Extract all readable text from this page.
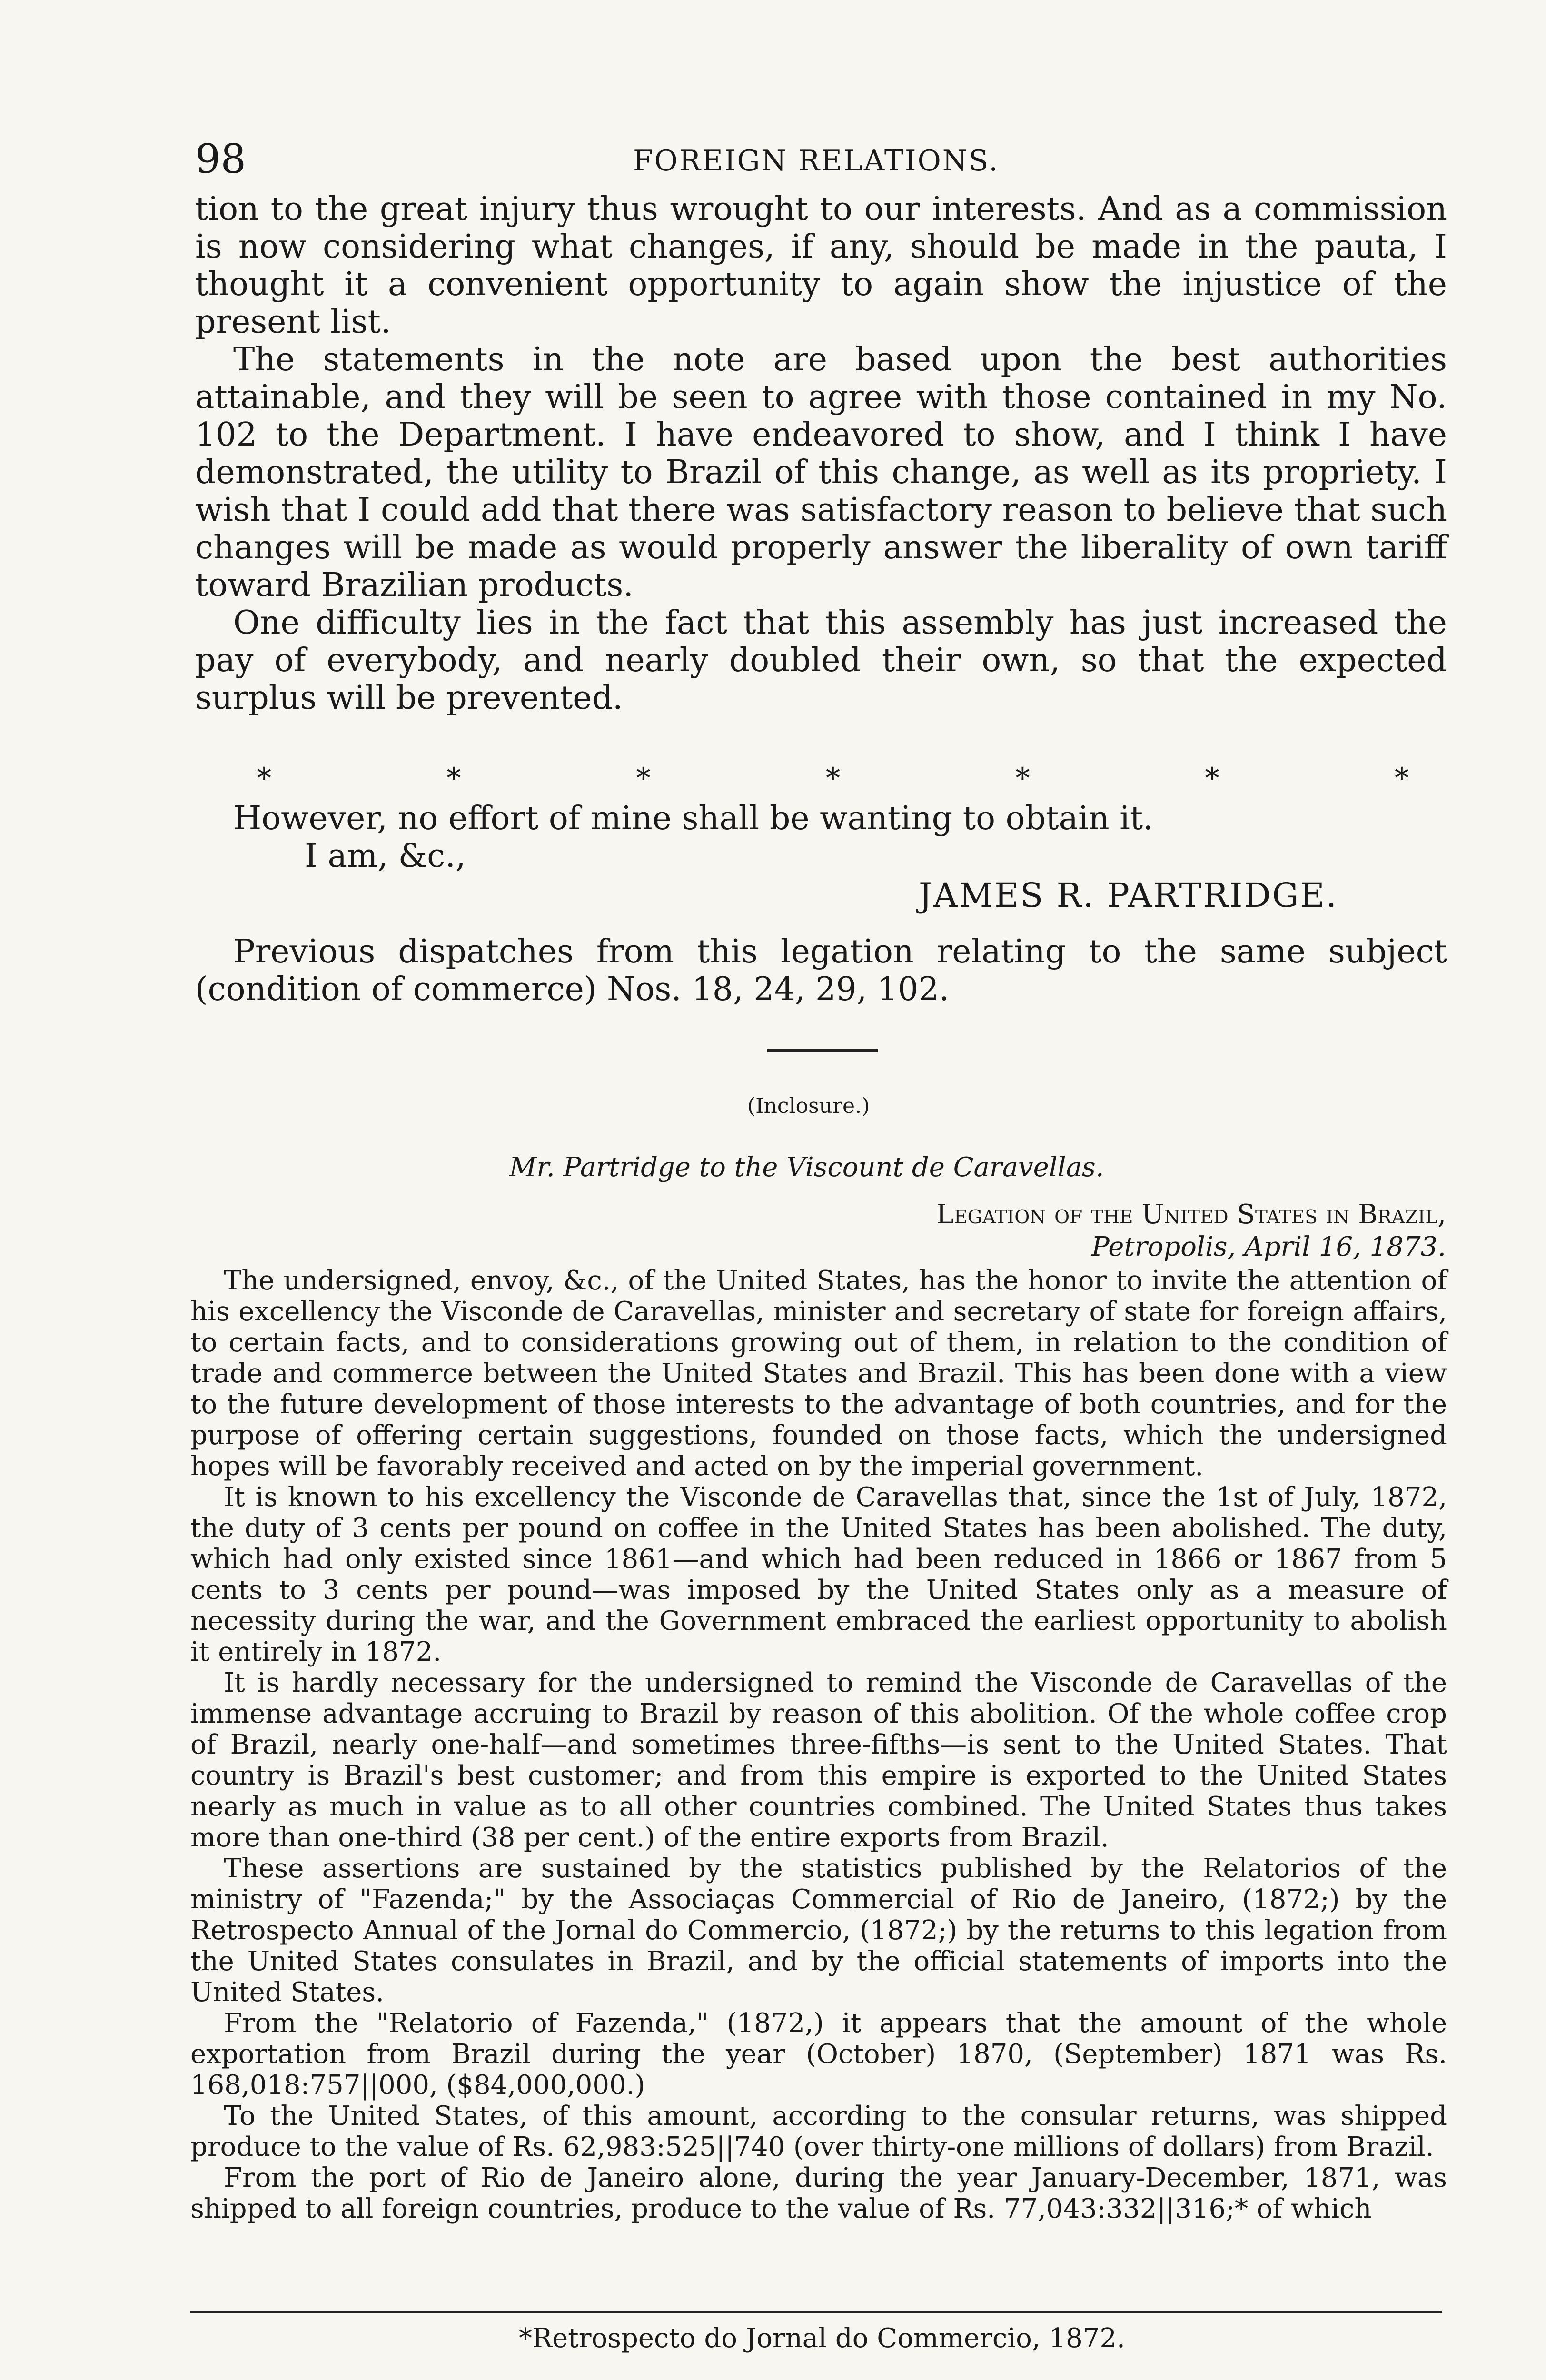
98	FOREIGN RELATIONS.

tion to the great injury thus wrought to our interests. And as a commission is now considering what changes, if any, should be made in the pauta, I thought it a convenient opportunity to again show the injustice of the present list.

The statements in the note are based upon the best authorities attainable, and they will be seen to agree with those contained in my No. 102 to the Department. I have endeavored to show, and I think I have demonstrated, the utility to Brazil of this change, as well as its propriety. I wish that I could add that there was satisfactory reason to believe that such changes will be made as would properly answer the liberality of own tariff toward Brazilian products.

One difficulty lies in the fact that this assembly has just increased the pay of everybody, and nearly doubled their own, so that the expected surplus will be prevented.

*	*	*	*	*	*	*

However, no effort of mine shall be wanting to obtain it.

I am, &c.,

JAMES R. PARTRIDGE.

Previous dispatches from this legation relating to the same subject (condition of commerce) Nos. 18, 24, 29, 102.

(Inclosure.)
Mr. Partridge to the Viscount de Caravellas.
Legation of the United States in Brazil,
Petropolis, April 16, 1873.

The undersigned, envoy, &c., of the United States, has the honor to invite the attention of his excellency the Visconde de Caravellas, minister and secretary of state for foreign affairs, to certain facts, and to considerations growing out of them, in relation to the condition of trade and commerce between the United States and Brazil. This has been done with a view to the future development of those interests to the advantage of both countries, and for the purpose of offering certain suggestions, founded on those facts, which the undersigned hopes will be favorably received and acted on by the imperial government.

It is known to his excellency the Visconde de Caravellas that, since the 1st of July, 1872, the duty of 3 cents per pound on coffee in the United States has been abolished. The duty, which had only existed since 1861—and which had been reduced in 1866 or 1867 from 5 cents to 3 cents per pound—was imposed by the United States only as a measure of necessity during the war, and the Government embraced the earliest opportunity to abolish it entirely in 1872.

It is hardly necessary for the undersigned to remind the Visconde de Caravellas of the immense advantage accruing to Brazil by reason of this abolition. Of the whole coffee crop of Brazil, nearly one-half—and sometimes three-fifths—is sent to the United States. That country is Brazil's best customer; and from this empire is exported to the United States nearly as much in value as to all other countries combined. The United States thus takes more than one-third (38 per cent.) of the entire exports from Brazil.

These assertions are sustained by the statistics published by the Relatorios of the ministry of "Fazenda;" by the Associaças Commercial of Rio de Janeiro, (1872;) by the Retrospecto Annual of the Jornal do Commercio, (1872;) by the returns to this legation from the United States consulates in Brazil, and by the official statements of imports into the United States.

From the "Relatorio of Fazenda," (1872,) it appears that the amount of the whole exportation from Brazil during the year (October) 1870, (September) 1871 was Rs. 168,018:757||000, ($84,000,000.)

To the United States, of this amount, according to the consular returns, was shipped produce to the value of Rs. 62,983:525||740 (over thirty-one millions of dollars) from Brazil.

From the port of Rio de Janeiro alone, during the year January-December, 1871, was shipped to all foreign countries, produce to the value of Rs. 77,043:332||316;* of which

*Retrospecto do Jornal do Commercio, 1872.
